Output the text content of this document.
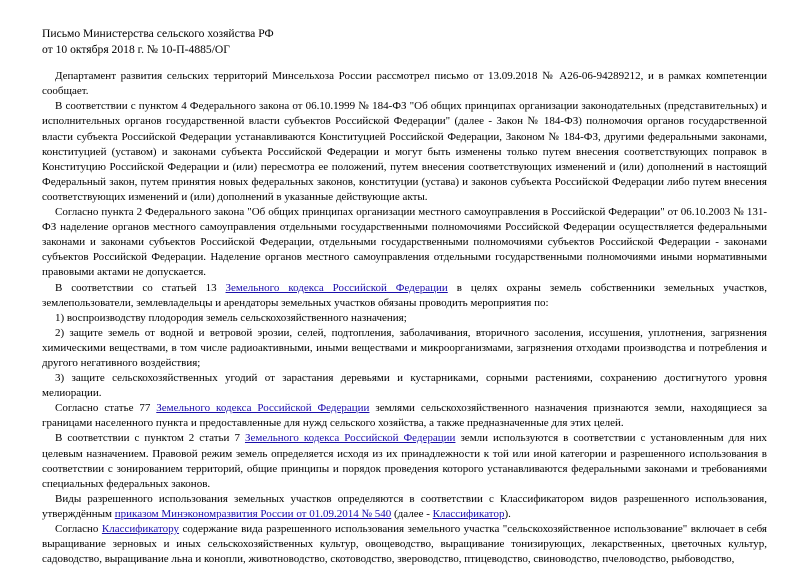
Письмо Министерства сельского хозяйства РФ

от 10 октября 2018 г. № 10-П-4885/ОГ

Департамент развития сельских территорий Минсельхоза России рассмотрел письмо от 13.09.2018 № А26-06-94289212, и в рамках компетенции сообщает.

В соответствии с пунктом 4 Федерального закона от 06.10.1999 № 184-ФЗ "Об общих принципах организации законодательных (представительных) и исполнительных органов государственной власти субъектов Российской Федерации" (далее - Закон № 184-ФЗ) полномочия органов государственной власти субъекта Российской Федерации устанавливаются Конституцией Российской Федерации, Законом № 184-ФЗ, другими федеральными законами, конституцией (уставом) и законами субъекта Российской Федерации и могут быть изменены только путем внесения соответствующих поправок в Конституцию Российской Федерации и (или) пересмотра ее положений, путем внесения соответствующих изменений и (или) дополнений в настоящий Федеральный закон, путем принятия новых федеральных законов, конституции (устава) и законов субъекта Российской Федерации либо путем внесения соответствующих изменений и (или) дополнений в указанные действующие акты.

Согласно пункта 2 Федерального закона "Об общих принципах организации местного самоуправления в Российской Федерации" от 06.10.2003 № 131-ФЗ наделение органов местного самоуправления отдельными государственными полномочиями Российской Федерации осуществляется федеральными законами и законами субъектов Российской Федерации, отдельными государственными полномочиями субъектов Российской Федерации - законами субъектов Российской Федерации. Наделение органов местного самоуправления отдельными государственными полномочиями иными нормативными правовыми актами не допускается.

В соответствии со статьей 13 Земельного кодекса Российской Федерации в целях охраны земель собственники земельных участков, землепользователи, землевладельцы и арендаторы земельных участков обязаны проводить мероприятия по:

1) воспроизводству плодородия земель сельскохозяйственного назначения;

2) защите земель от водной и ветровой эрозии, селей, подтопления, заболачивания, вторичного засоления, иссушения, уплотнения, загрязнения химическими веществами, в том числе радиоактивными, иными веществами и микроорганизмами, загрязнения отходами производства и потребления и другого негативного воздействия;

3) защите сельскохозяйственных угодий от зарастания деревьями и кустарниками, сорными растениями, сохранению достигнутого уровня мелиорации.

Согласно статье 77 Земельного кодекса Российской Федерации землями сельскохозяйственного назначения признаются земли, находящиеся за границами населенного пункта и предоставленные для нужд сельского хозяйства, а также предназначенные для этих целей.

В соответствии с пунктом 2 статьи 7 Земельного кодекса Российской Федерации земли используются в соответствии с установленным для них целевым назначением. Правовой режим земель определяется исходя из их принадлежности к той или иной категории и разрешенного использования в соответствии с зонированием территорий, общие принципы и порядок проведения которого устанавливаются федеральными законами и требованиями специальных федеральных законов.

Виды разрешенного использования земельных участков определяются в соответствии с Классификатором видов разрешенного использования, утверждённым приказом Минэкономразвития России от 01.09.2014 № 540 (далее - Классификатор).

Согласно Классификатору содержание вида разрешенного использования земельного участка "сельскохозяйственное использование" включает в себя выращивание зерновых и иных сельскохозяйственных культур, овощеводство, выращивание тонизирующих, лекарственных, цветочных культур, садоводство, выращивание льна и конопли, животноводство, скотоводство, звероводство, птицеводство, свиноводство, пчеловодство, рыбоводство,
